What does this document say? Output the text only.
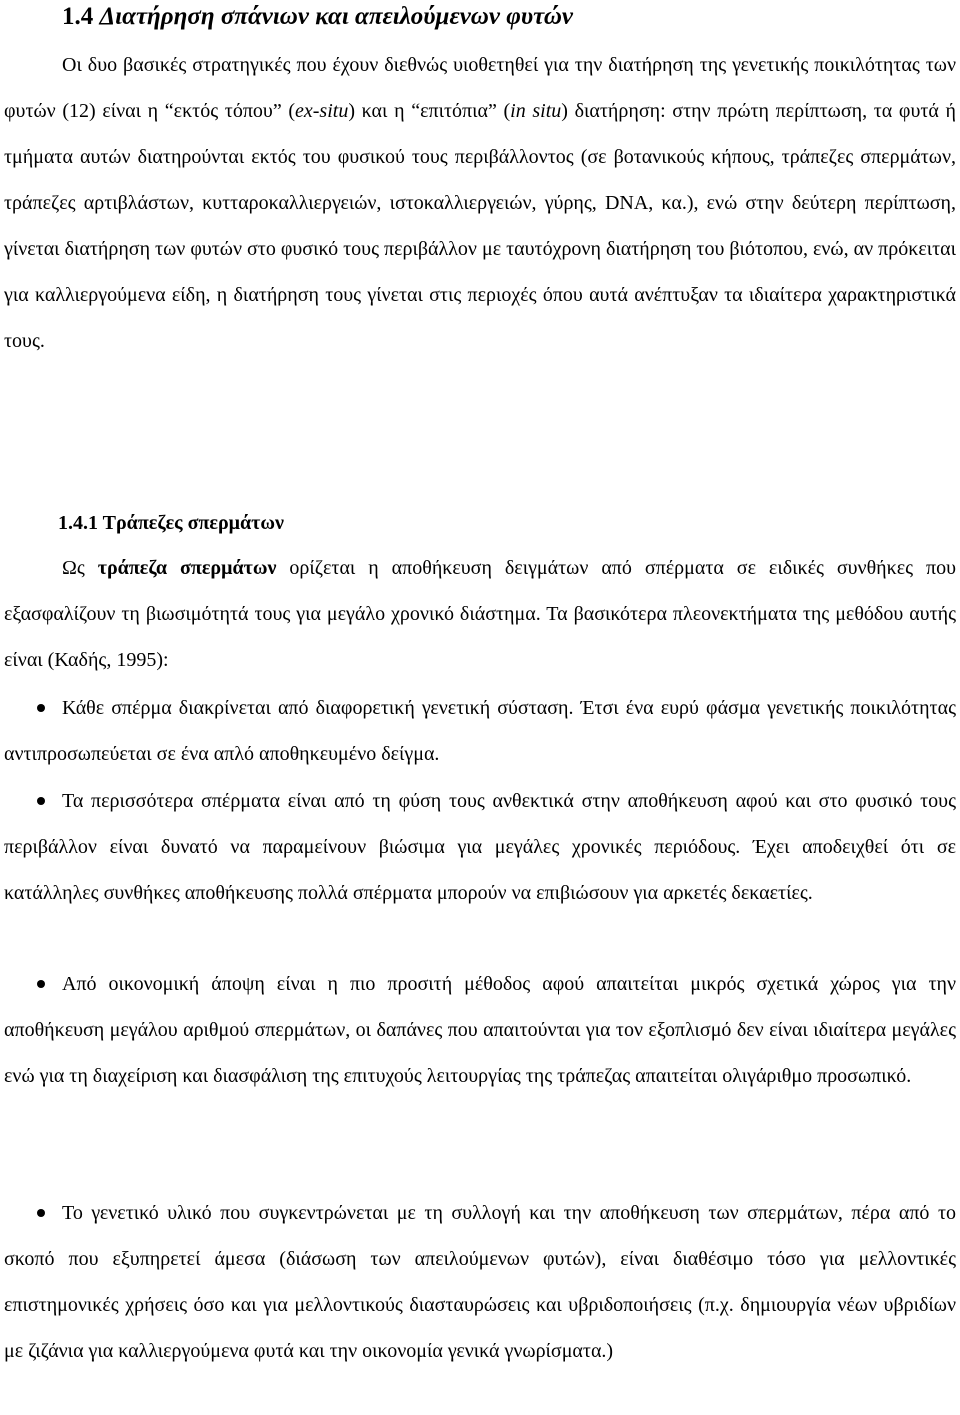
1.4 Διατήρηση σπάνιων και απειλούμενων φυτών

Οι δυο βασικές στρατηγικές που έχουν διεθνώς υιοθετηθεί για την διατήρηση της γενετικής ποικιλότητας των φυτών (12) είναι η “εκτός τόπου” (ex-situ) και η “επιτόπια” (in situ) διατήρηση: στην πρώτη περίπτωση, τα φυτά ή τμήματα αυτών διατηρούνται εκτός του φυσικού τους περιβάλλοντος (σε βοτανικούς κήπους, τράπεζες σπερμάτων, τράπεζες αρτιβλάστων, κυτταροκαλλιεργειών, ιστοκαλλιεργειών, γύρης, DNA, κα.), ενώ στην δεύτερη περίπτωση, γίνεται διατήρηση των φυτών στο φυσικό τους περιβάλλον με ταυτόχρονη διατήρηση του βιότοπου, ενώ, αν πρόκειται για καλλιεργούμενα είδη, η διατήρηση τους γίνεται στις περιοχές όπου αυτά ανέπτυξαν τα ιδιαίτερα χαρακτηριστικά τους.

1.4.1 Τράπεζες σπερμάτων

Ως τράπεζα σπερμάτων ορίζεται η αποθήκευση δειγμάτων από σπέρματα σε ειδικές συνθήκες που εξασφαλίζουν τη βιωσιμότητά τους για μεγάλο χρονικό διάστημα. Τα βασικότερα πλεονεκτήματα της μεθόδου αυτής είναι (Καδής, 1995):

Κάθε σπέρμα διακρίνεται από διαφορετική γενετική σύσταση. Έτσι ένα ευρύ φάσμα γενετικής ποικιλότητας αντιπροσωπεύεται σε ένα απλό αποθηκευμένο δείγμα.

Τα περισσότερα σπέρματα είναι από τη φύση τους ανθεκτικά στην αποθήκευση αφού και στο φυσικό τους περιβάλλον είναι δυνατό να παραμείνουν βιώσιμα για μεγάλες χρονικές περιόδους. Έχει αποδειχθεί ότι σε κατάλληλες συνθήκες αποθήκευσης πολλά σπέρματα μπορούν να επιβιώσουν για αρκετές δεκαετίες.

Από οικονομική άποψη είναι η πιο προσιτή μέθοδος αφού απαιτείται μικρός σχετικά χώρος για την αποθήκευση μεγάλου αριθμού σπερμάτων, οι δαπάνες που απαιτούνται για τον εξοπλισμό δεν είναι ιδιαίτερα μεγάλες ενώ για τη διαχείριση και διασφάλιση της επιτυχούς λειτουργίας της τράπεζας απαιτείται ολιγάριθμο προσωπικό.

Το γενετικό υλικό που συγκεντρώνεται με τη συλλογή και την αποθήκευση των σπερμάτων, πέρα από το σκοπό που εξυπηρετεί άμεσα (διάσωση των απειλούμενων φυτών), είναι διαθέσιμο τόσο για μελλοντικές επιστημονικές χρήσεις όσο και για μελλοντικούς διασταυρώσεις και υβριδοποιήσεις (π.χ. δημιουργία νέων υβριδίων με ζιζάνια για καλλιεργούμενα φυτά και την οικονομία γενικά γνωρίσματα.)
